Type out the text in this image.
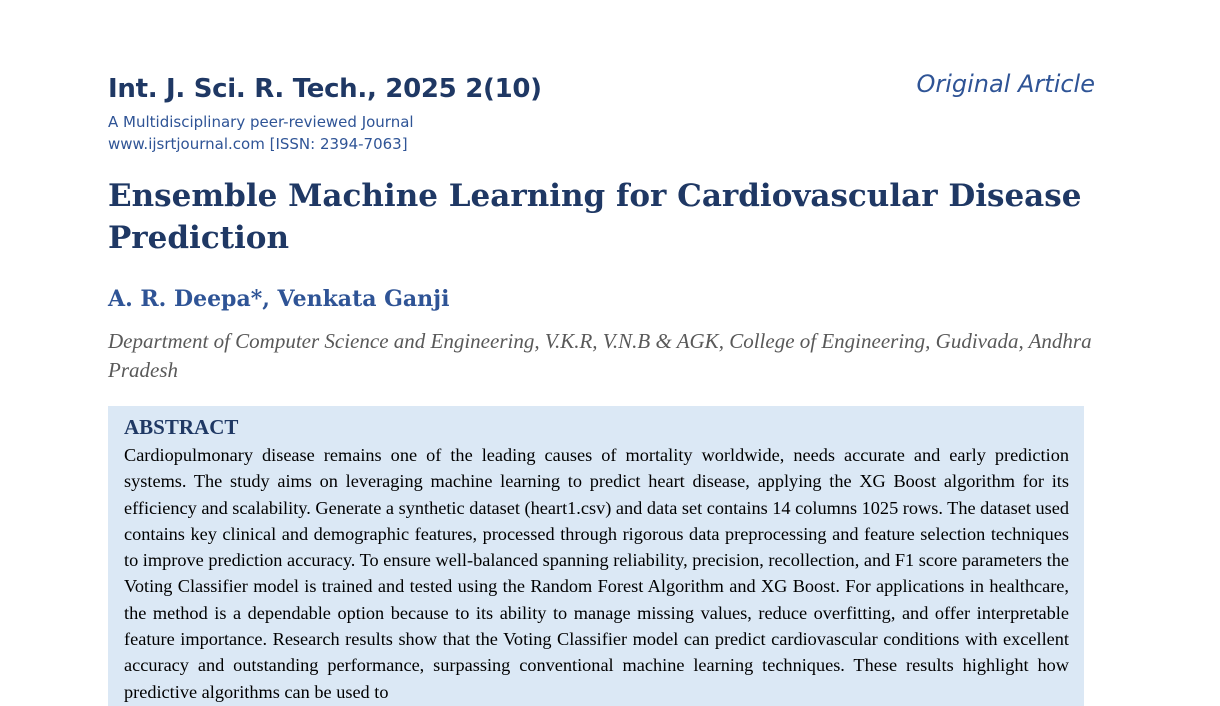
Int. J. Sci. R. Tech., 2025 2(10)	Original Article
A Multidisciplinary peer-reviewed Journal
www.ijsrtjournal.com [ISSN: 2394-7063]
Ensemble Machine Learning for Cardiovascular Disease Prediction
A. R. Deepa*, Venkata Ganji
Department of Computer Science and Engineering, V.K.R, V.N.B & AGK, College of Engineering, Gudivada, Andhra Pradesh
ABSTRACT

Cardiopulmonary disease remains one of the leading causes of mortality worldwide, needs accurate and early prediction systems. The study aims on leveraging machine learning to predict heart disease, applying the XG Boost algorithm for its efficiency and scalability. Generate a synthetic dataset (heart1.csv) and data set contains 14 columns 1025 rows. The dataset used contains key clinical and demographic features, processed through rigorous data preprocessing and feature selection techniques to improve prediction accuracy. To ensure well-balanced spanning reliability, precision, recollection, and F1 score parameters the Voting Classifier model is trained and tested using the Random Forest Algorithm and XG Boost. For applications in healthcare, the method is a dependable option because to its ability to manage missing values, reduce overfitting, and offer interpretable feature importance. Research results show that the Voting Classifier model can predict cardiovascular conditions with excellent accuracy and outstanding performance, surpassing conventional machine learning techniques. These results highlight how predictive algorithms can be used to
